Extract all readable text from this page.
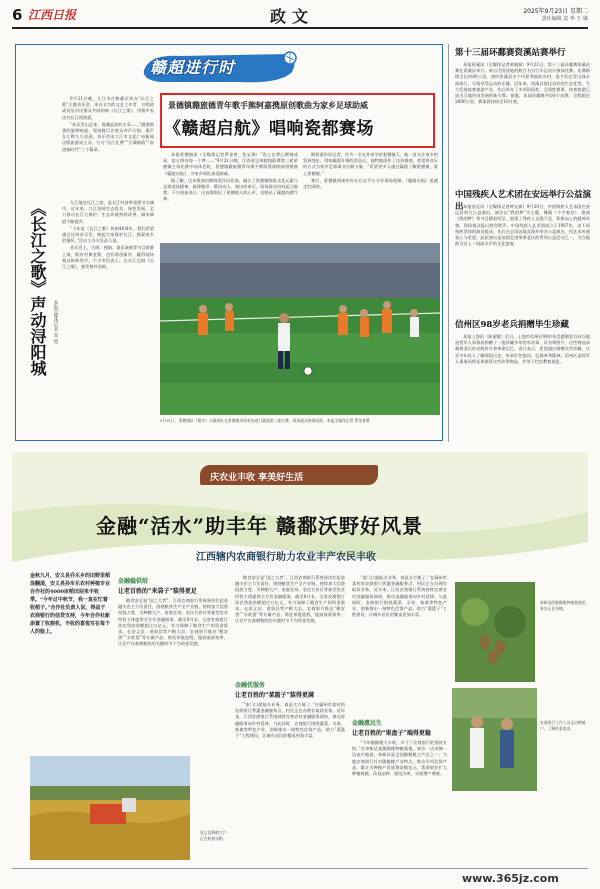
6 江西日报	政文	2025年9月23日 星期二
责任编辑 袁 华 王 敏
赣超进行时
GANCHAO JINXINGSHI
景德镇籍旅德青年歌手熊轲嘉携原创歌曲为家乡足球助威
《赣超启航》唱响瓷都赛场

本报景德镇讯（全媒体记者罗金育、张宝琪）“瓷土在掌心燃烧成星，窑火照亮每一个梦……”9月21日晚，江西省足球超级联赛第三轮景德镇主场比赛中场休息时，景德镇籍旅德青年歌手熊轲嘉演唱原创歌曲《赣超启航》，为家乡球队加油助威。

据了解，这首歌曲由熊轲嘉作词作曲，融合了景德镇陶瓷文化元素与足球竞技精神，旋律激昂、歌词动人。演出结束后，现场观众纷纷起立鼓掌，不少球迷表示，这首歌唱出了景德镇人的心声，也唱出了赣超的精气神。

熊轲嘉告诉记者，作为一名在外求学的景德镇人，他一直关注家乡的发展变化。得知赣超开赛的消息后，他特地创作了这首歌曲，希望用音乐的方式为家乡足球事业贡献力量。“希望更多人通过赣超了解景德镇，爱上景德镇。”

赛后，景德镇球迷纷纷在社交平台分享现场视频，《赣超启航》迅速走红网络。

9月21日晚，九江市在柴桑区举办“长江之歌”主题音乐会，来自全市的文艺工作者、合唱团成员及市民群众共同唱响《长江之歌》，用歌声表达对长江的热爱。

“你从雪山走来，春潮是你的丰采……”随着熟悉的旋律响起，现场数百名观众齐声合唱，歌声在江畔久久回荡。音乐会由九江市文化广电新闻出版旅游局主办，分为“长江礼赞”“江城新韵”“奋进新时代”三个篇章。

《长江之歌》声动浔阳城	本报全媒体记者 周 旭

九江地处长江之滨，是长江经济带重要节点城市。近年来，九江坚持生态优先、绿色发展，全力推动长江大保护，生态环境持续改善，城市颜值不断提升。

“今年是《长江之歌》传唱40周年，我们希望通过这场音乐会，唤起大家保护长江、热爱家乡的情怀。”活动主办方负责人说。

音乐会上，合唱、独唱、器乐演奏等节目轮番上演，既有经典老歌，也有原创新作，赢得现场观众阵阵掌声。不少市民表示，在长江边唱《长江之歌》，感受格外深刻。

9月21日，景德镇队（橙衣）与赣州队在景德镇市体育场进行赣超第三轮比赛，现场观众热情高涨。本报全媒体记者 罗金育摄
第十三届环鄱赛资溪站赛举行

本报资溪讯（全媒体记者黄晓斌）9月21日，第十三届环鄱赛资溪站赛在资溪县举行。来自全国各地的数百名自行车运动员参加比赛。比赛路线全长约80公里，途经资溪县多个风景秀丽的乡村，选手们在青山绿水间骑行，尽情享受运动的乐趣。近年来，资溪县依托良好的生态优势，大力发展体育旅游产业，先后举办了多项国际性、全国性赛事，体育旅游已成为当地经济发展的新引擎。据悉，本届环鄱赛共设8个站赛，全程超过2000公里，赛事将持续至10月底。

中国残疾人艺术团在安远举行公益演出 本报安远讯（全媒体记者钟文斌）9月20日，中国残疾人艺术团在安远县举行公益演出。演出以“我的梦”为主题，舞蹈《千手观音》、歌曲《我的梦》等节目精彩纷呈，展现了残疾人自强不息、积极向上的精神风貌，现场观众报以热烈掌声。中国残疾人艺术团成立于1987年，由不同残疾类别的演员组成，先后在全国各地及海外举办公益演出，用艺术传递爱心与希望。此次演出是该团走进革命老区的系列公益活动之一，为当地群众送上一场高水平的文化盛宴。

信州区98岁老兵捐赠毕生珍藏

本报上饶讯（陈丽霞）近日，上饶市信州区98岁抗美援朝老兵向当地退役军人事务局捐赠了一批珍藏多年的军功章、证书和照片，这些物品承载着老兵的光辉岁月和革命记忆。老兵表示，希望通过捐赠这些珍藏，让更多年轻人了解那段历史，传承红色基因，弘扬革命精神。信州区退役军人事务局将妥善保管这些珍贵物品，并用于红色教育展览。

庆农业丰收 享美好生活
金融“活水”助丰年 赣鄱沃野好风景
江西辖内农商银行助力农业丰产农民丰收
金秋九月，安义县乔乐乡的田野里稻浪翻滚，安义县孙车乐农村种植专业合作社的4000亩稻田迎来丰收季。“今年过中秋节，我一直在忙着收稻子。”合作社负责人说，得益于农商银行的信贷支持，今年合作社新添置了收割机，丰收的喜悦写在每个人的脸上。
金融稳供给
让老百姓的“米袋子”装得更足

粮食安全是“国之大者”。江西农商银行系统坚决扛起金融支农主力军责任，围绕粮食生产全产业链，持续加大信贷投放力度，为种粮大户、家庭农场、农民合作社等新型农业经营主体提供全方位金融服务。截至8月末，全省农商银行涉农贷款余额超过万亿元，有力保障了粮食生产的资金需求。在安义县、进贤县等产粮大县，农商银行推出“粮农贷”“丰收贷”等专属产品，简化审批流程，提高放款效率，让农户在春耕秋收的关键时节不为资金发愁。

金融优服务
让老百姓的“菜篮子”装得更满

粮食安全是“国之大者”。江西农商银行系统坚决扛起金融支农主力军责任，围绕粮食生产全产业链，持续加大信贷投放力度，为种粮大户、家庭农场、农民合作社等新型农业经营主体提供全方位金融服务。截至8月末，全省农商银行涉农贷款余额超过万亿元，有力保障了粮食生产的资金需求。在安义县、进贤县等产粮大县，农商银行推出“粮农贷”“丰收贷”等专属产品，简化审批流程，提高放款效率，让农户在春耕秋收的关键时节不为资金发愁。

“家门口就能办业务，真是太方便了。”在赣州市某村的农商银行普惠金融服务点，村民正在办理存取款业务。近年来，江西农商银行系统持续完善农村金融服务网络，推动金融服务向乡村延伸。与此同时，农商银行围绕蔬菜、水果、畜禽等特色产业，创新推出一批特色信贷产品，助力“菜篮子”工程建设，让城乡居民的餐桌更加丰富。

“家门口就能办业务，真是太方便了。”在赣州市某村的农商银行普惠金融服务点，村民正在办理存取款业务。近年来，江西农商银行系统持续完善农村金融服务网络，推动金融服务向乡村延伸。与此同时，农商银行围绕蔬菜、水果、畜禽等特色产业，创新推出一批特色信贷产品，助力“菜篮子”工程建设，让城乡居民的餐桌更加丰富。

金融惠民生
让老百姓的“果盘子”端得更稳

“今年猕猴桃大丰收，多亏了农商银行的贷款支持。”在奉新县某猕猴桃种植基地，果农一边采摘一边高兴地说。奉新县是全国猕猴桃主产区之一，当地农商银行针对猕猴桃产业特点，推出专项信贷产品，累计为种植户发放贷款数亿元，帮助果农扩大种植规模、改良品种、建设冷库，实现增产增收。

安义县种粮大户正在收割水稻。
奉新县的猕猴桃种植基地里，果农正在采摘。
农商银行工作人员走访种植户，了解资金需求。
www.365jz.com
